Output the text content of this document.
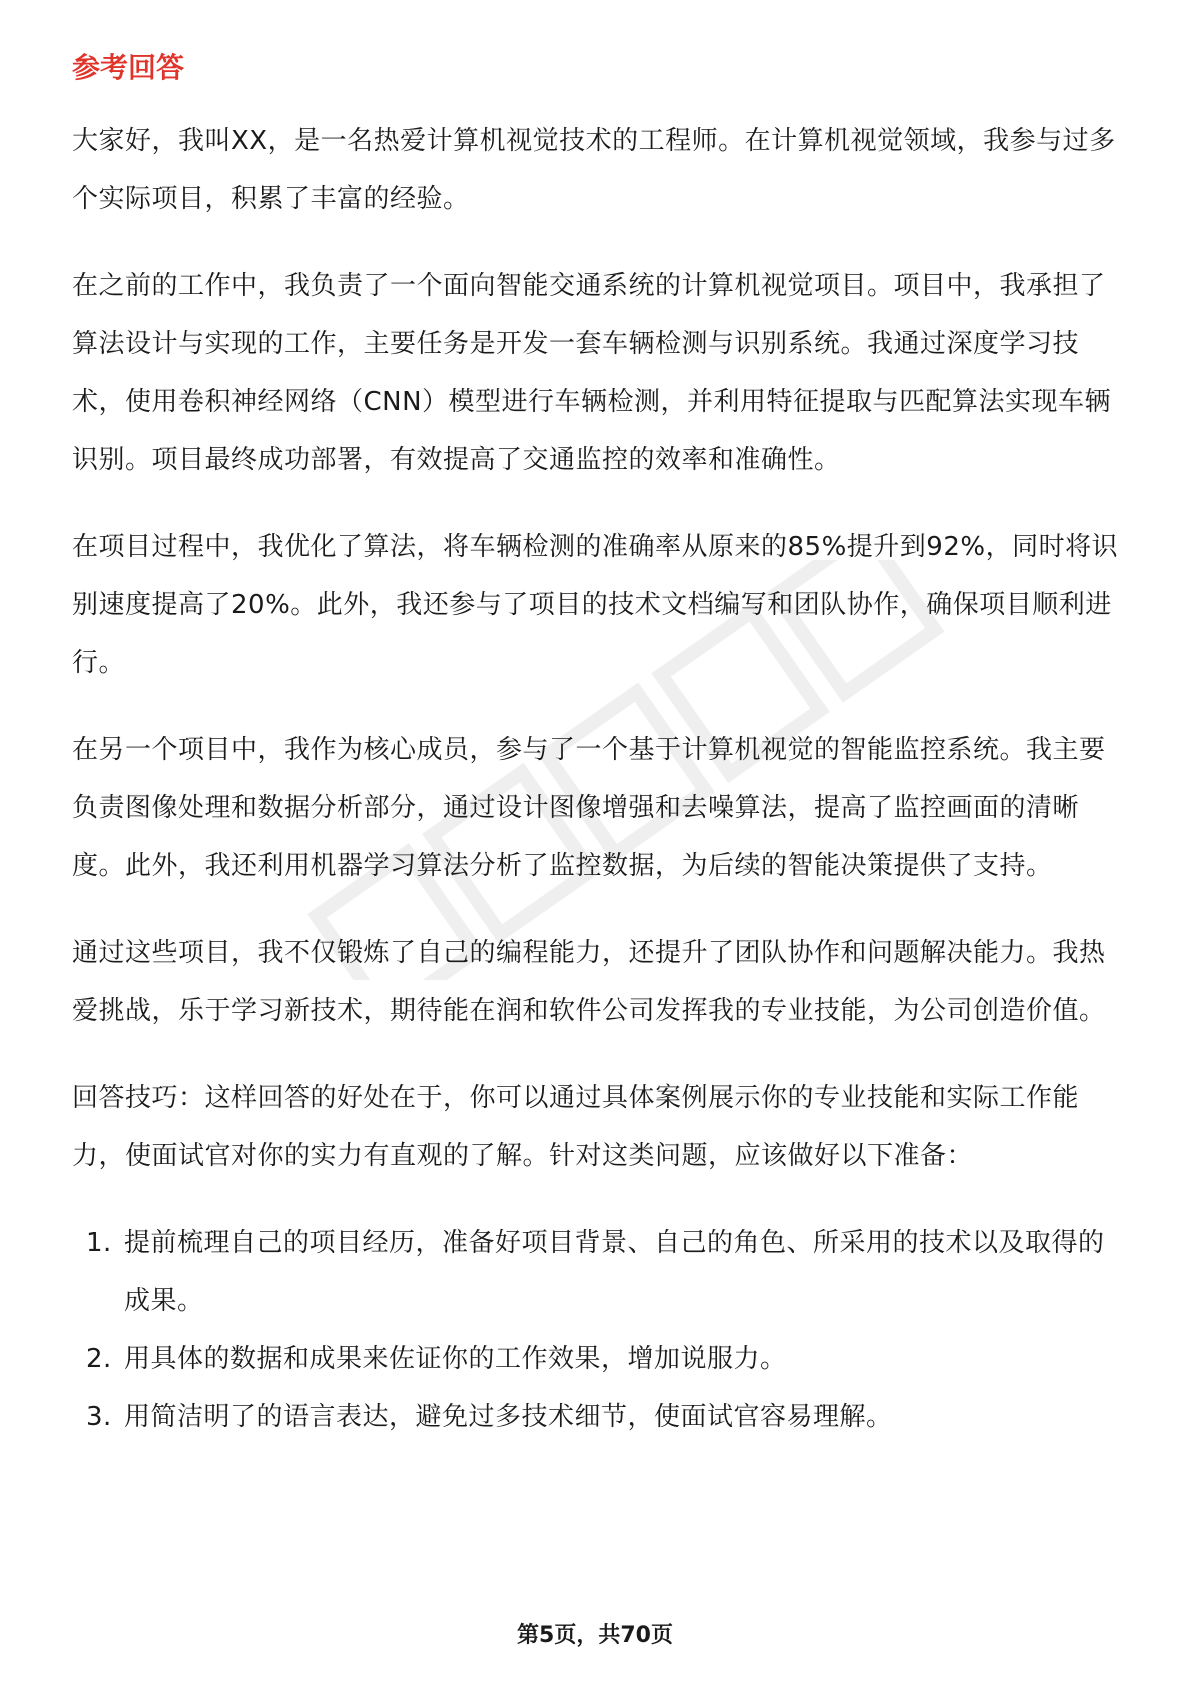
参考回答

大家好，我叫XX，是一名热爱计算机视觉技术的工程师。在计算机视觉领域，我参与过多个实际项目，积累了丰富的经验。

在之前的工作中，我负责了一个面向智能交通系统的计算机视觉项目。项目中，我承担了算法设计与实现的工作，主要任务是开发一套车辆检测与识别系统。我通过深度学习技术，使用卷积神经网络（CNN）模型进行车辆检测，并利用特征提取与匹配算法实现车辆识别。项目最终成功部署，有效提高了交通监控的效率和准确性。

在项目过程中，我优化了算法，将车辆检测的准确率从原来的85%提升到92%，同时将识别速度提高了20%。此外，我还参与了项目的技术文档编写和团队协作，确保项目顺利进行。

在另一个项目中，我作为核心成员，参与了一个基于计算机视觉的智能监控系统。我主要负责图像处理和数据分析部分，通过设计图像增强和去噪算法，提高了监控画面的清晰度。此外，我还利用机器学习算法分析了监控数据，为后续的智能决策提供了支持。

通过这些项目，我不仅锻炼了自己的编程能力，还提升了团队协作和问题解决能力。我热爱挑战，乐于学习新技术，期待能在润和软件公司发挥我的专业技能，为公司创造价值。

回答技巧：这样回答的好处在于，你可以通过具体案例展示你的专业技能和实际工作能力，使面试官对你的实力有直观的了解。针对这类问题，应该做好以下准备：

1. 提前梳理自己的项目经历，准备好项目背景、自己的角色、所采用的技术以及取得的成果。
2. 用具体的数据和成果来佐证你的工作效果，增加说服力。
3. 用简洁明了的语言表达，避免过多技术细节，使面试官容易理解。
第5页，共70页
